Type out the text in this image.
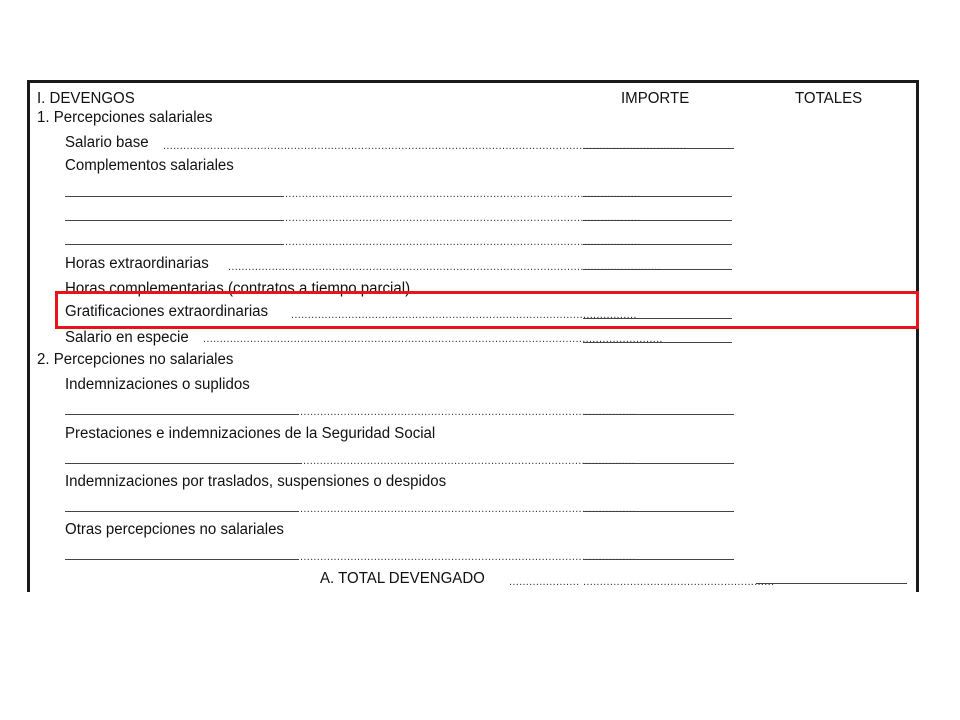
I. DEVENGOS	IMPORTE	TOTALES
1. Percepciones salariales
Salario base ............................................................................................................................................................
Complementos salariales
..........................................................................................................
..........................................................................................................
..........................................................................................................
Horas extraordinarias .................................................................................................................................
Horas complementarias (contratos a tiempo parcial)
Gratificaciones extraordinarias .......................................................................................................
Salario en especie .........................................................................................................................................
2. Percepciones no salariales
Indemnizaciones o suplidos
....................................................................................................
Prestaciones e indemnizaciones de la Seguridad Social
...................................................................................................
Indemnizaciones por traslados, suspensiones o despidos
....................................................................................................
Otras percepciones no salariales
....................................................................................................
A. TOTAL DEVENGADO ..................... .........................................................
